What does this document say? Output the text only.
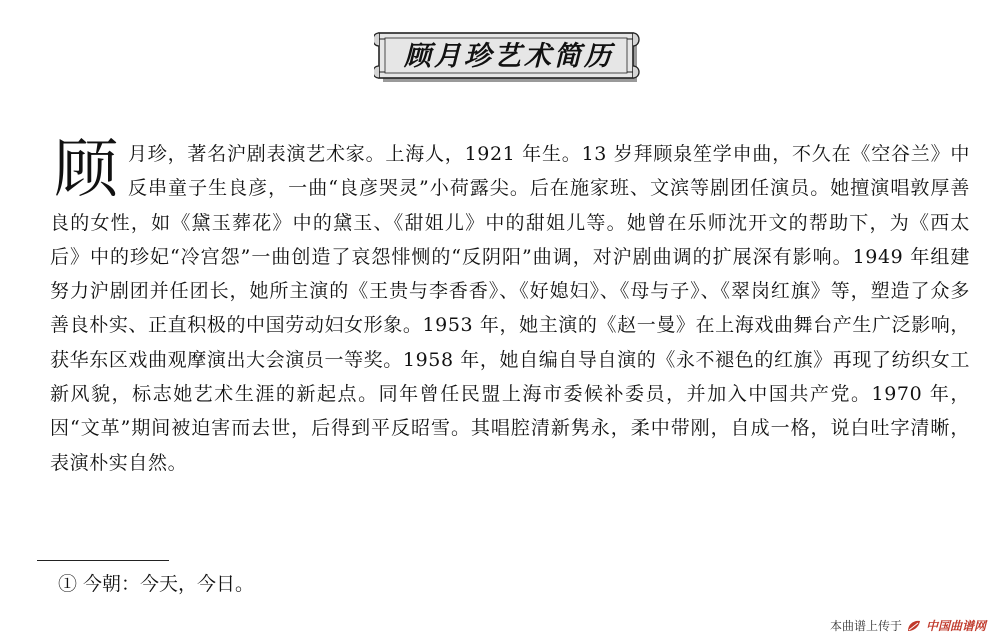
顾月珍艺术简历
顾 月珍，著名沪剧表演艺术家。上海人，1921 年生。13 岁拜顾泉笙学申曲，不久在《空谷兰》中反串童子生良彦，一曲“良彦哭灵”小荷露尖。后在施家班、文滨等剧团任演员。她擅演唱敦厚善良的女性，如《黛玉葬花》中的黛玉、《甜姐儿》中的甜姐儿等。她曾在乐师沈开文的帮助下，为《西太后》中的珍妃“冷宫怨”一曲创造了哀怨悱恻的“反阴阳”曲调，对沪剧曲调的扩展深有影响。1949 年组建努力沪剧团并任团长，她所主演的《王贵与李香香》、《好媳妇》、《母与子》、《翠岗红旗》等，塑造了众多善良朴实、正直积极的中国劳动妇女形象。1953 年，她主演的《赵一曼》在上海戏曲舞台产生广泛影响，获华东区戏曲观摩演出大会演员一等奖。1958 年，她自编自导自演的《永不褪色的红旗》再现了纺织女工新风貌，标志她艺术生涯的新起点。同年曾任民盟上海市委候补委员，并加入中国共产党。1970 年，因“文革”期间被迫害而去世，后得到平反昭雪。其唱腔清新隽永，柔中带刚，自成一格，说白吐字清晰，表演朴实自然。

① 今朝：今天，今日。
本曲谱上传于 中国曲谱网
